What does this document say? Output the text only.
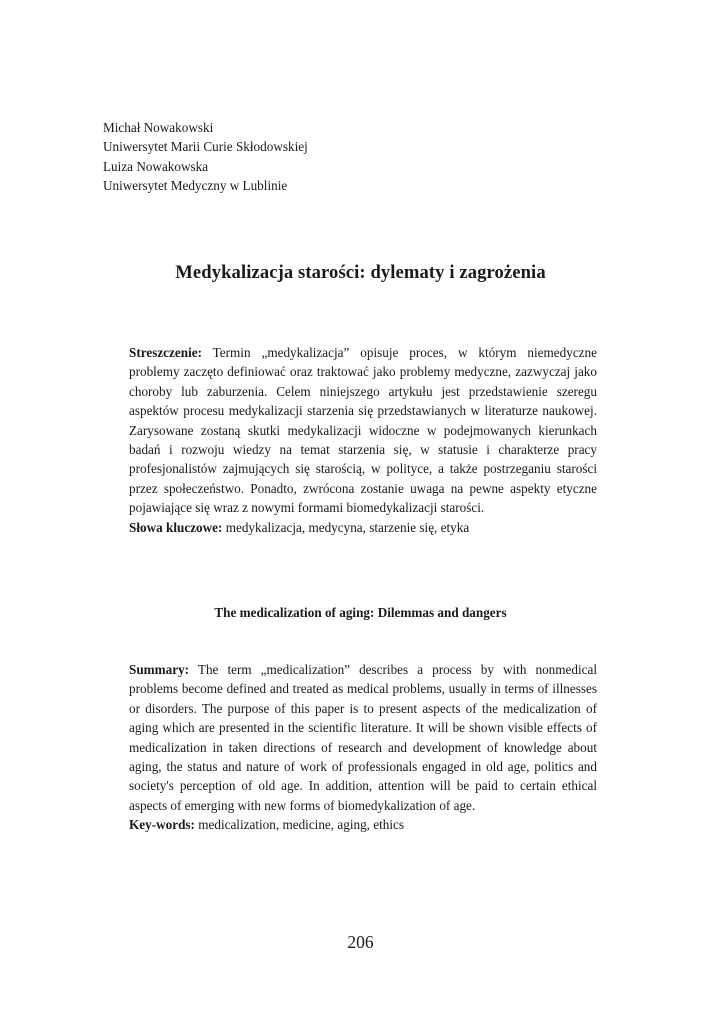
Michał Nowakowski
Uniwersytet Marii Curie Skłodowskiej
Luiza Nowakowska
Uniwersytet Medyczny w Lublinie
Medykalizacja starości: dylematy i zagrożenia

Streszczenie: Termin „medykalizacja” opisuje proces, w którym niemedyczne problemy zaczęto definiować oraz traktować jako problemy medyczne, zazwyczaj jako choroby lub zaburzenia. Celem niniejszego artykułu jest przedstawienie szeregu aspektów procesu medykalizacji starzenia się przedstawianych w literaturze naukowej. Zarysowane zostaną skutki medykalizacji widoczne w podejmowanych kierunkach badań i rozwoju wiedzy na temat starzenia się, w statusie i charakterze pracy profesjonalistów zajmujących się starością, w polityce, a także postrzeganiu starości przez społeczeństwo. Ponadto, zwrócona zostanie uwaga na pewne aspekty etyczne pojawiające się wraz z nowymi formami biomedykalizacji starości.

Słowa kluczowe: medykalizacja, medycyna, starzenie się, etyka

The medicalization of aging: Dilemmas and dangers

Summary: The term „medicalization” describes a process by with nonmedical problems become defined and treated as medical problems, usually in terms of illnesses or disorders. The purpose of this paper is to present aspects of the medicalization of aging which are presented in the scientific literature. It will be shown visible effects of medicalization in taken directions of research and development of knowledge about aging, the status and nature of work of professionals engaged in old age, politics and society's perception of old age. In addition, attention will be paid to certain ethical aspects of emerging with new forms of biomedykalization of age.

Key-words: medicalization, medicine, aging, ethics

206
